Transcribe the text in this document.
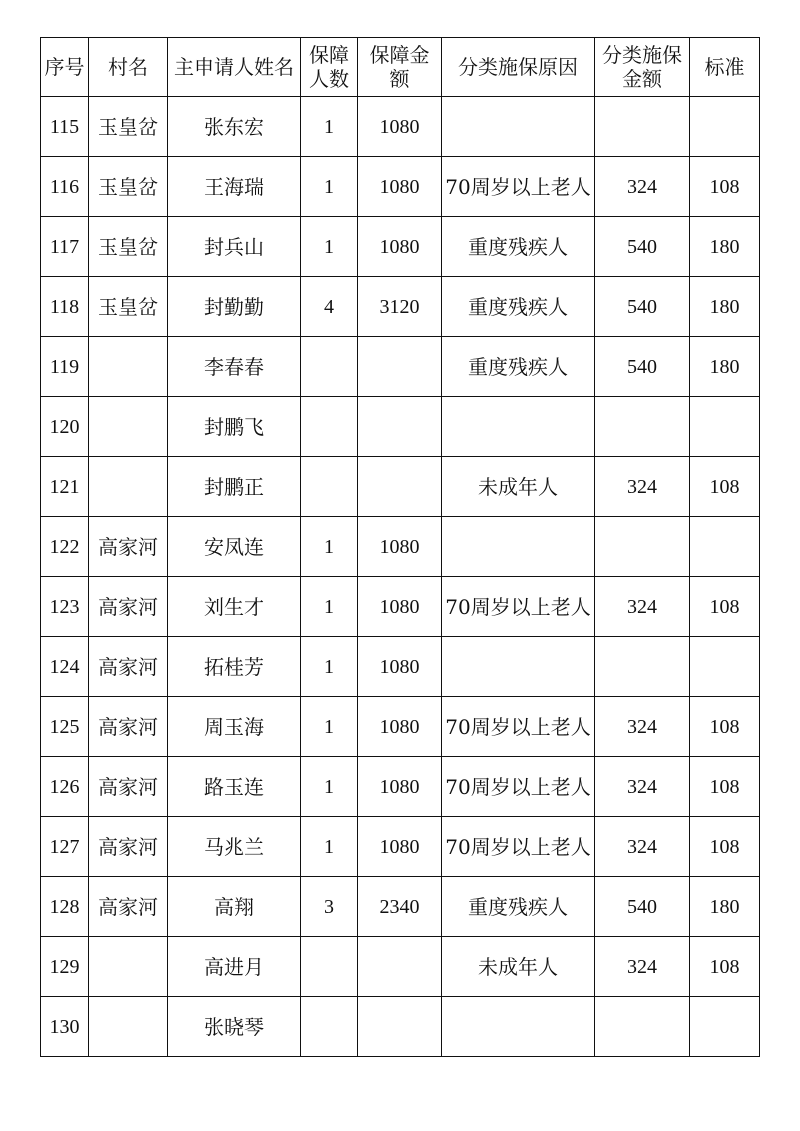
序号	村名	主申请人姓名	保障人数	保障金额	分类施保原因	分类施保金额	标准
115	玉皇岔	张东宏	1	1080			
116	玉皇岔	王海瑞	1	1080	70周岁以上老人	324	108
117	玉皇岔	封兵山	1	1080	重度残疾人	540	180
118	玉皇岔	封勤勤	4	3120	重度残疾人	540	180
119		李春春			重度残疾人	540	180
120		封鹏飞					
121		封鹏正			未成年人	324	108
122	高家河	安凤连	1	1080			
123	高家河	刘生才	1	1080	70周岁以上老人	324	108
124	高家河	拓桂芳	1	1080			
125	高家河	周玉海	1	1080	70周岁以上老人	324	108
126	高家河	路玉连	1	1080	70周岁以上老人	324	108
127	高家河	马兆兰	1	1080	70周岁以上老人	324	108
128	高家河	高翔	3	2340	重度残疾人	540	180
129		高进月			未成年人	324	108
130		张晓琴					
